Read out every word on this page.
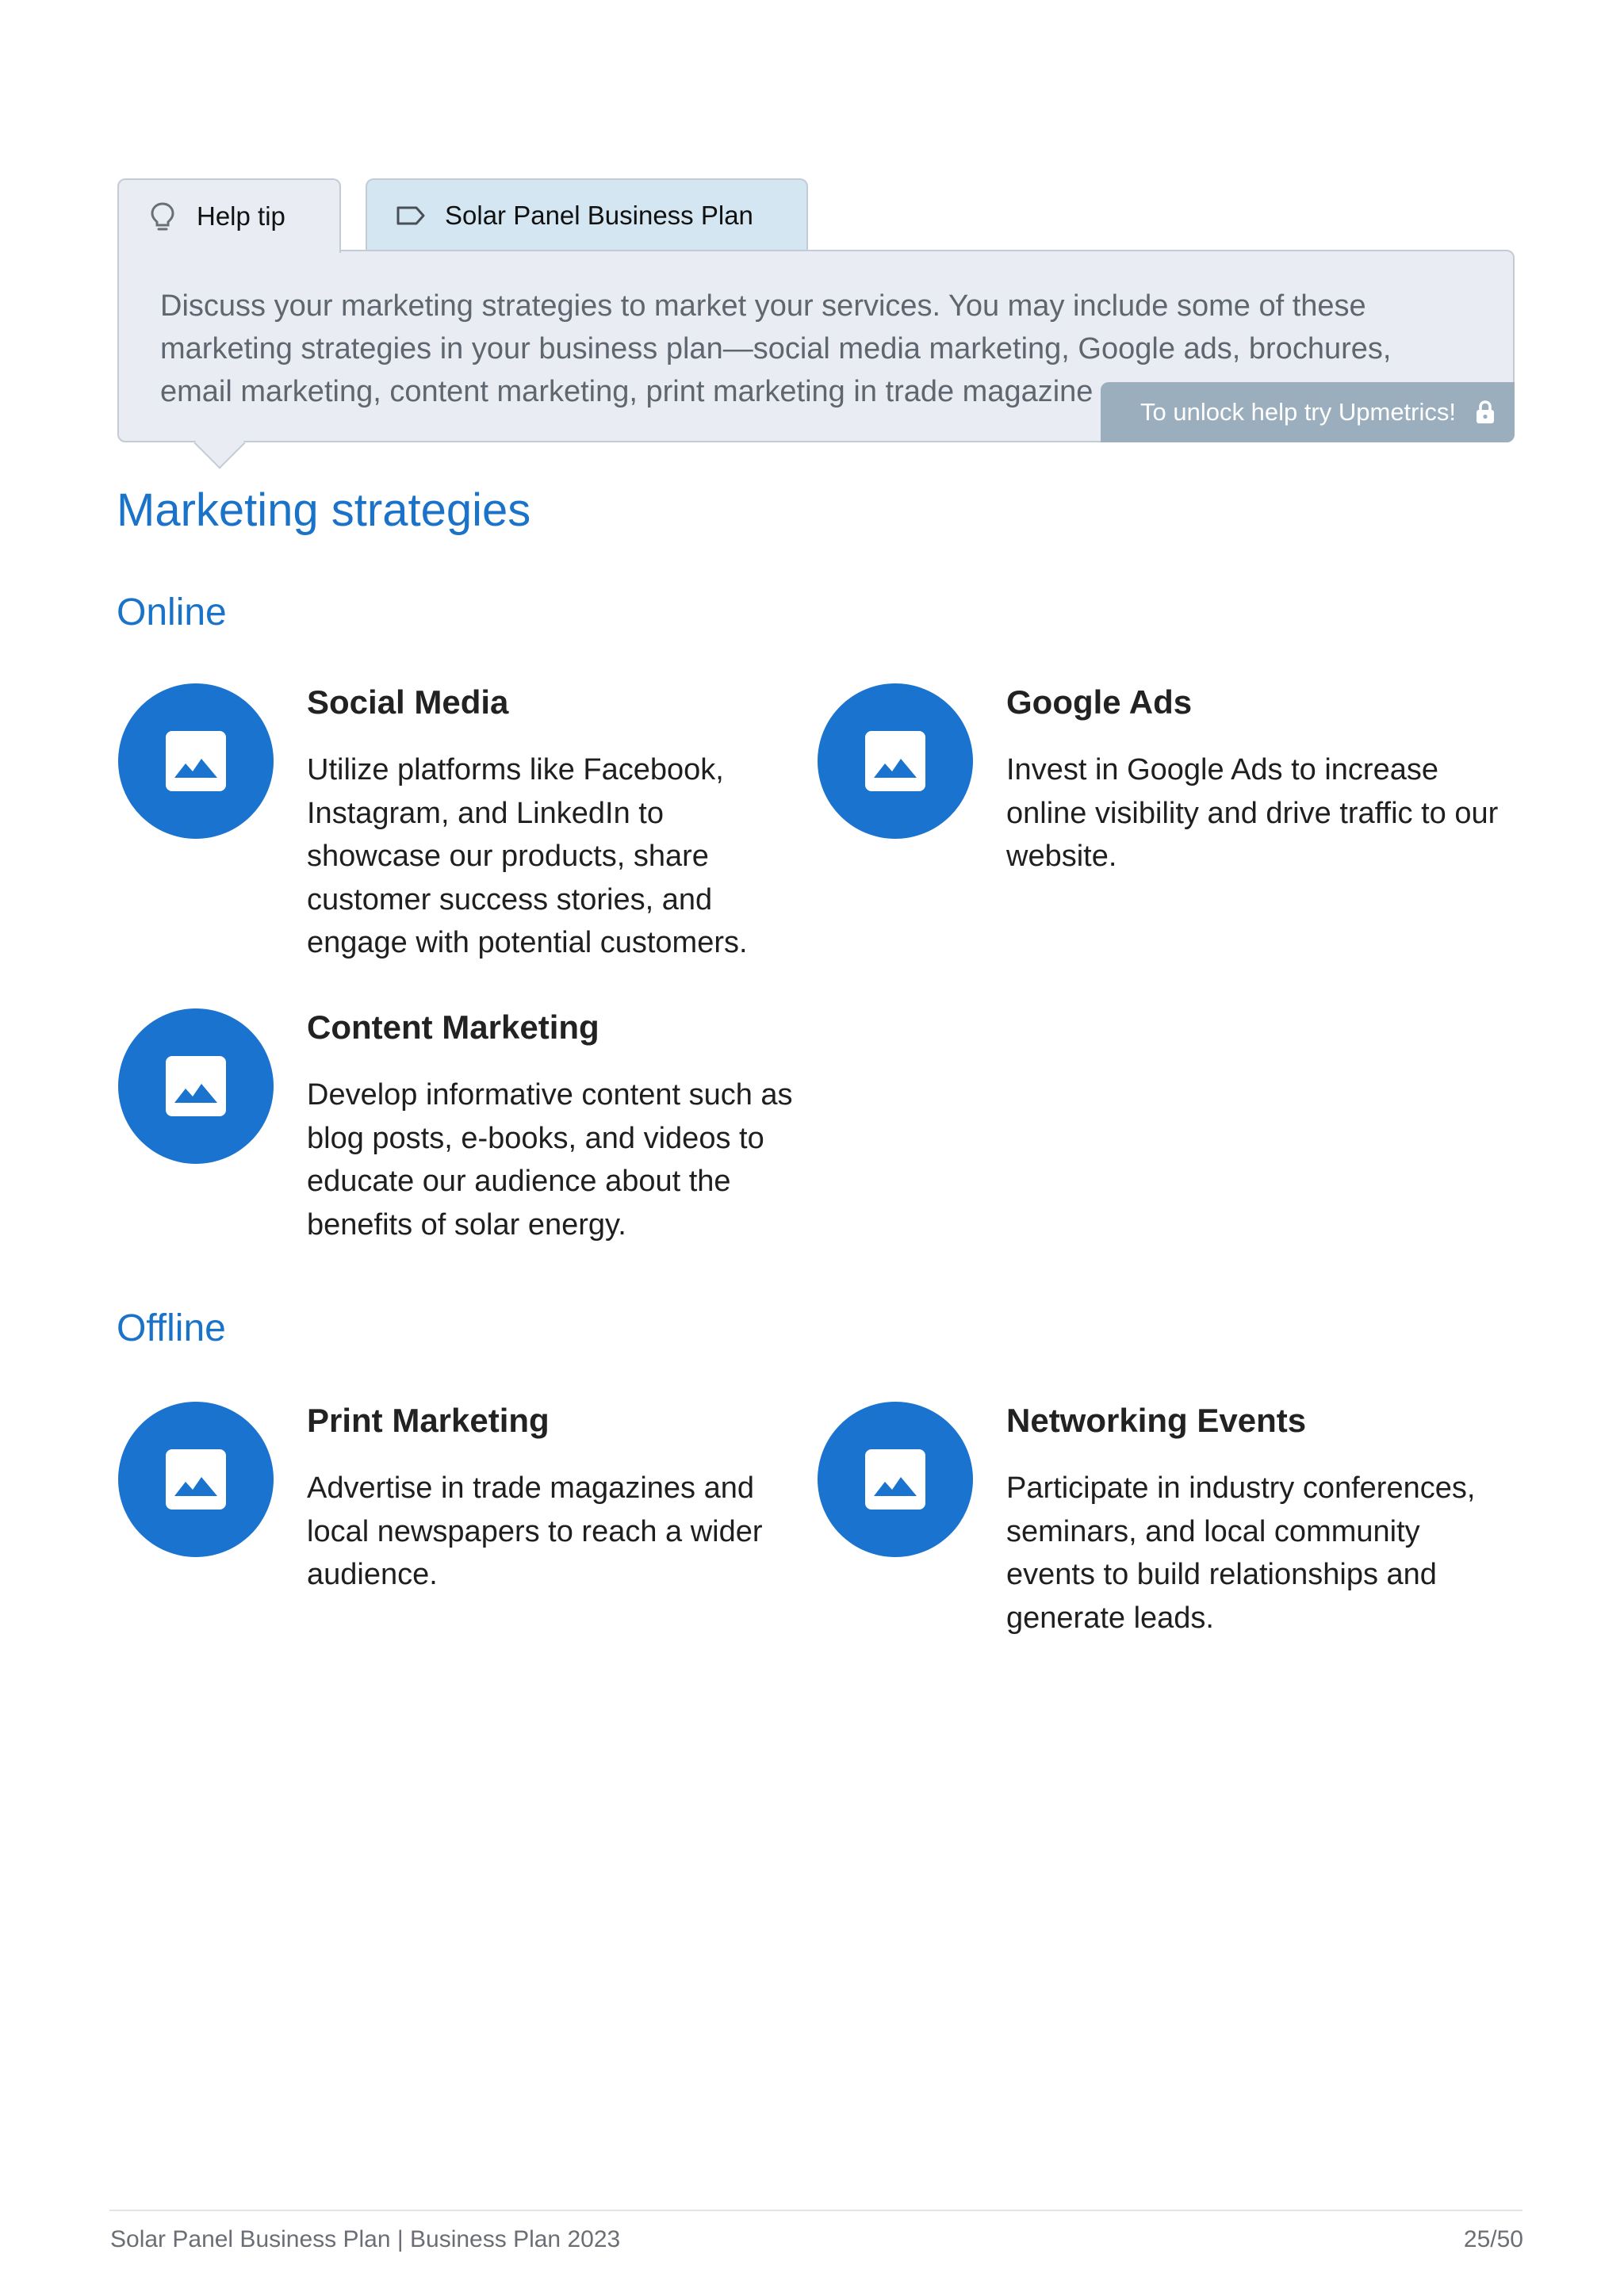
Help tip	Solar Panel Business Plan

Discuss your marketing strategies to market your services. You may include some of these marketing strategies in your business plan—social media marketing, Google ads, brochures, email marketing, content marketing, print marketing in trade magazine

To unlock help try Upmetrics!
Marketing strategies
Online
Offline
Social Media

Utilize platforms like Facebook, Instagram, and LinkedIn to showcase our products, share customer success stories, and engage with potential customers.

Google Ads

Invest in Google Ads to increase online visibility and drive traffic to our website.

Content Marketing

Develop informative content such as blog posts, e-books, and videos to educate our audience about the benefits of solar energy.

Print Marketing

Advertise in trade magazines and local newspapers to reach a wider audience.

Networking Events

Participate in industry conferences, seminars, and local community events to build relationships and generate leads.

Solar Panel Business Plan | Business Plan 2023	25/50
